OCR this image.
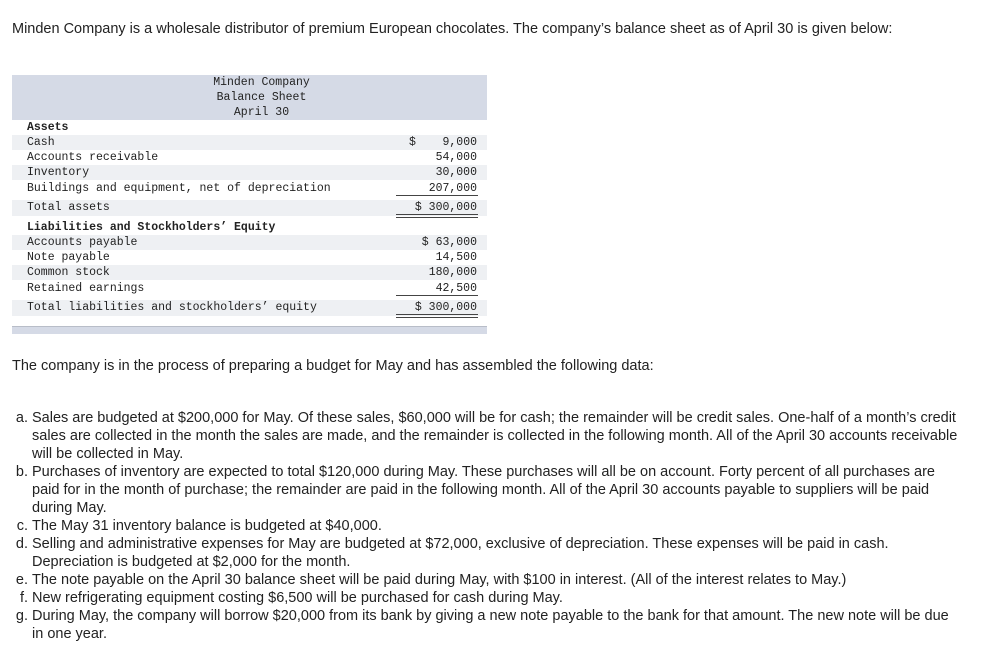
Minden Company is a wholesale distributor of premium European chocolates. The company’s balance sheet as of April 30 is given below:

Minden Company
Balance Sheet
April 30
Assets
Cash	$ 9,000
Accounts receivable	54,000
Inventory	30,000
Buildings and equipment, net of depreciation	207,000
Total assets	$ 300,000
Liabilities and Stockholders’ Equity
Accounts payable	$ 63,000
Note payable	14,500
Common stock	180,000
Retained earnings	42,500
Total liabilities and stockholders’ equity	$ 300,000

The company is in the process of preparing a budget for May and has assembled the following data:

a. Sales are budgeted at $200,000 for May. Of these sales, $60,000 will be for cash; the remainder will be credit sales. One-half of a month’s credit sales are collected in the month the sales are made, and the remainder is collected in the following month. All of the April 30 accounts receivable will be collected in May.
b. Purchases of inventory are expected to total $120,000 during May. These purchases will all be on account. Forty percent of all purchases are paid for in the month of purchase; the remainder are paid in the following month. All of the April 30 accounts payable to suppliers will be paid during May.
c. The May 31 inventory balance is budgeted at $40,000.
d. Selling and administrative expenses for May are budgeted at $72,000, exclusive of depreciation. These expenses will be paid in cash. Depreciation is budgeted at $2,000 for the month.
e. The note payable on the April 30 balance sheet will be paid during May, with $100 in interest. (All of the interest relates to May.)
f. New refrigerating equipment costing $6,500 will be purchased for cash during May.
g. During May, the company will borrow $20,000 from its bank by giving a new note payable to the bank for that amount. The new note will be due in one year.
